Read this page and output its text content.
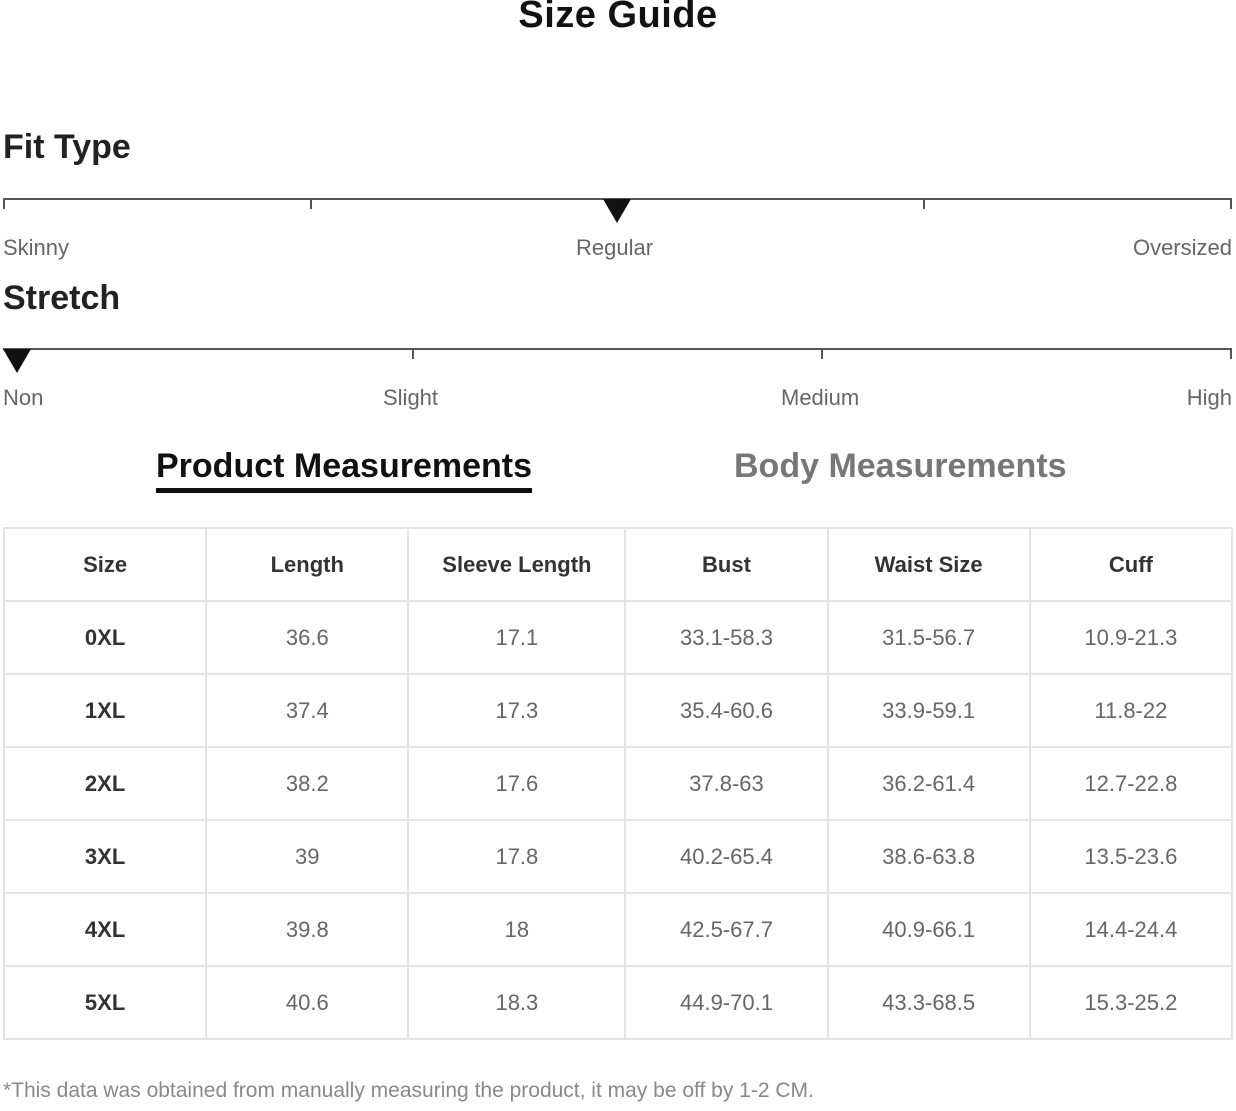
Size Guide
Fit Type
Skinny	Regular	Oversized
Stretch
Non	Slight	Medium	High
Product Measurements	Body Measurements
Size	Length	Sleeve Length	Bust	Waist Size	Cuff
0XL	36.6	17.1	33.1-58.3	31.5-56.7	10.9-21.3
1XL	37.4	17.3	35.4-60.6	33.9-59.1	11.8-22
2XL	38.2	17.6	37.8-63	36.2-61.4	12.7-22.8
3XL	39	17.8	40.2-65.4	38.6-63.8	13.5-23.6
4XL	39.8	18	42.5-67.7	40.9-66.1	14.4-24.4
5XL	40.6	18.3	44.9-70.1	43.3-68.5	15.3-25.2
*This data was obtained from manually measuring the product, it may be off by 1-2 CM.
